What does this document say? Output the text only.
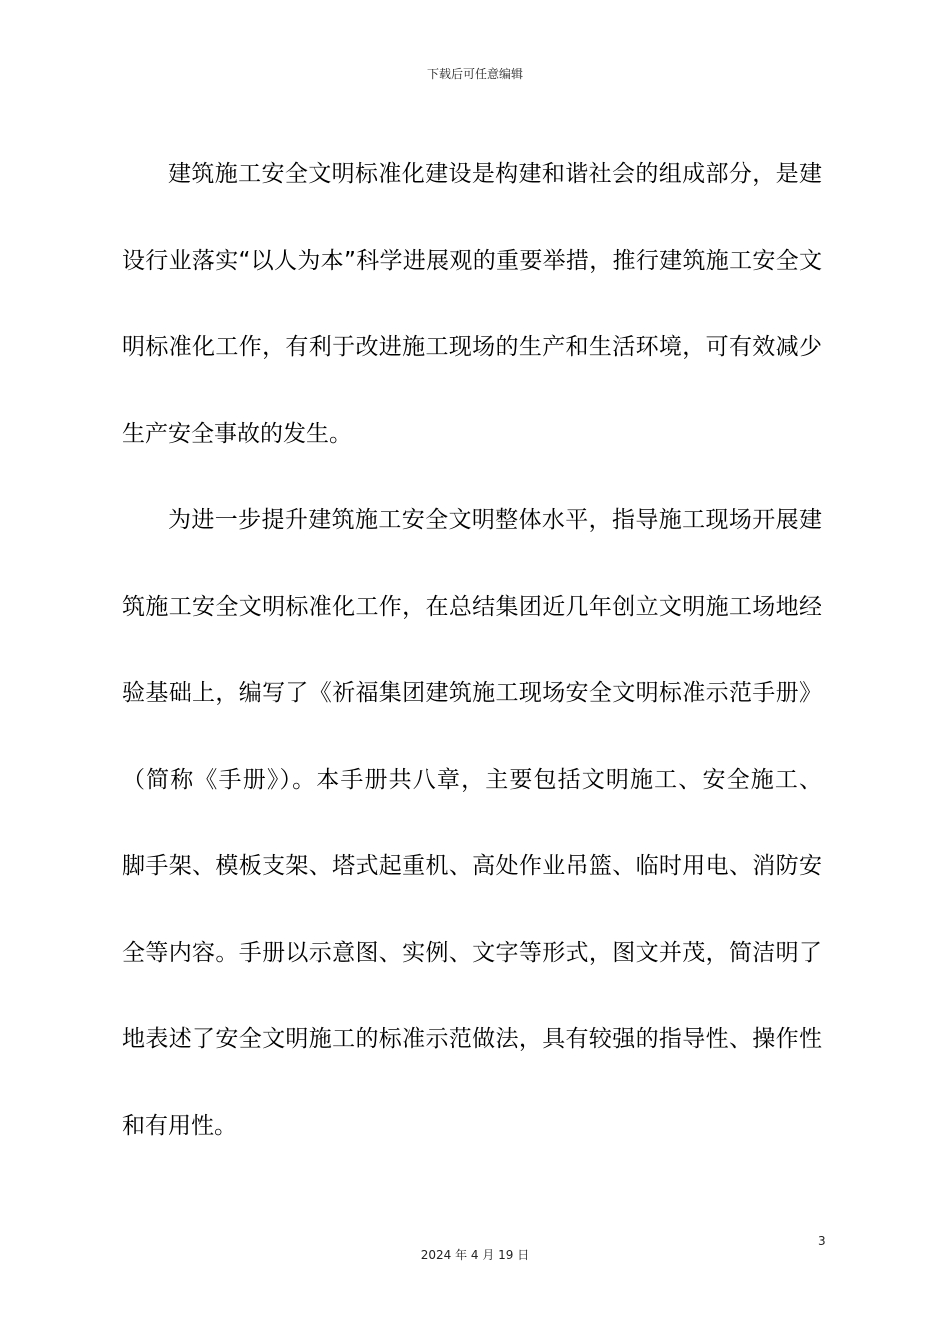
下载后可任意编辑
建筑施工安全文明标准化建设是构建和谐社会的组成部分，是建
设行业落实“以人为本”科学进展观的重要举措，推行建筑施工安全文
明标准化工作，有利于改进施工现场的生产和生活环境，可有效减少
生产安全事故的发生。
为进一步提升建筑施工安全文明整体水平，指导施工现场开展建
筑施工安全文明标准化工作，在总结集团近几年创立文明施工场地经
验基础上，编写了《祈福集团建筑施工现场安全文明标准示范手册》
（简称《手册》）。本手册共八章，主要包括文明施工、安全施工、
脚手架、模板支架、塔式起重机、高处作业吊篮、临时用电、消防安
全等内容。手册以示意图、实例、文字等形式，图文并茂，简洁明了
地表述了安全文明施工的标准示范做法，具有较强的指导性、操作性
和有用性。
3
2024 年 4 月 19 日
